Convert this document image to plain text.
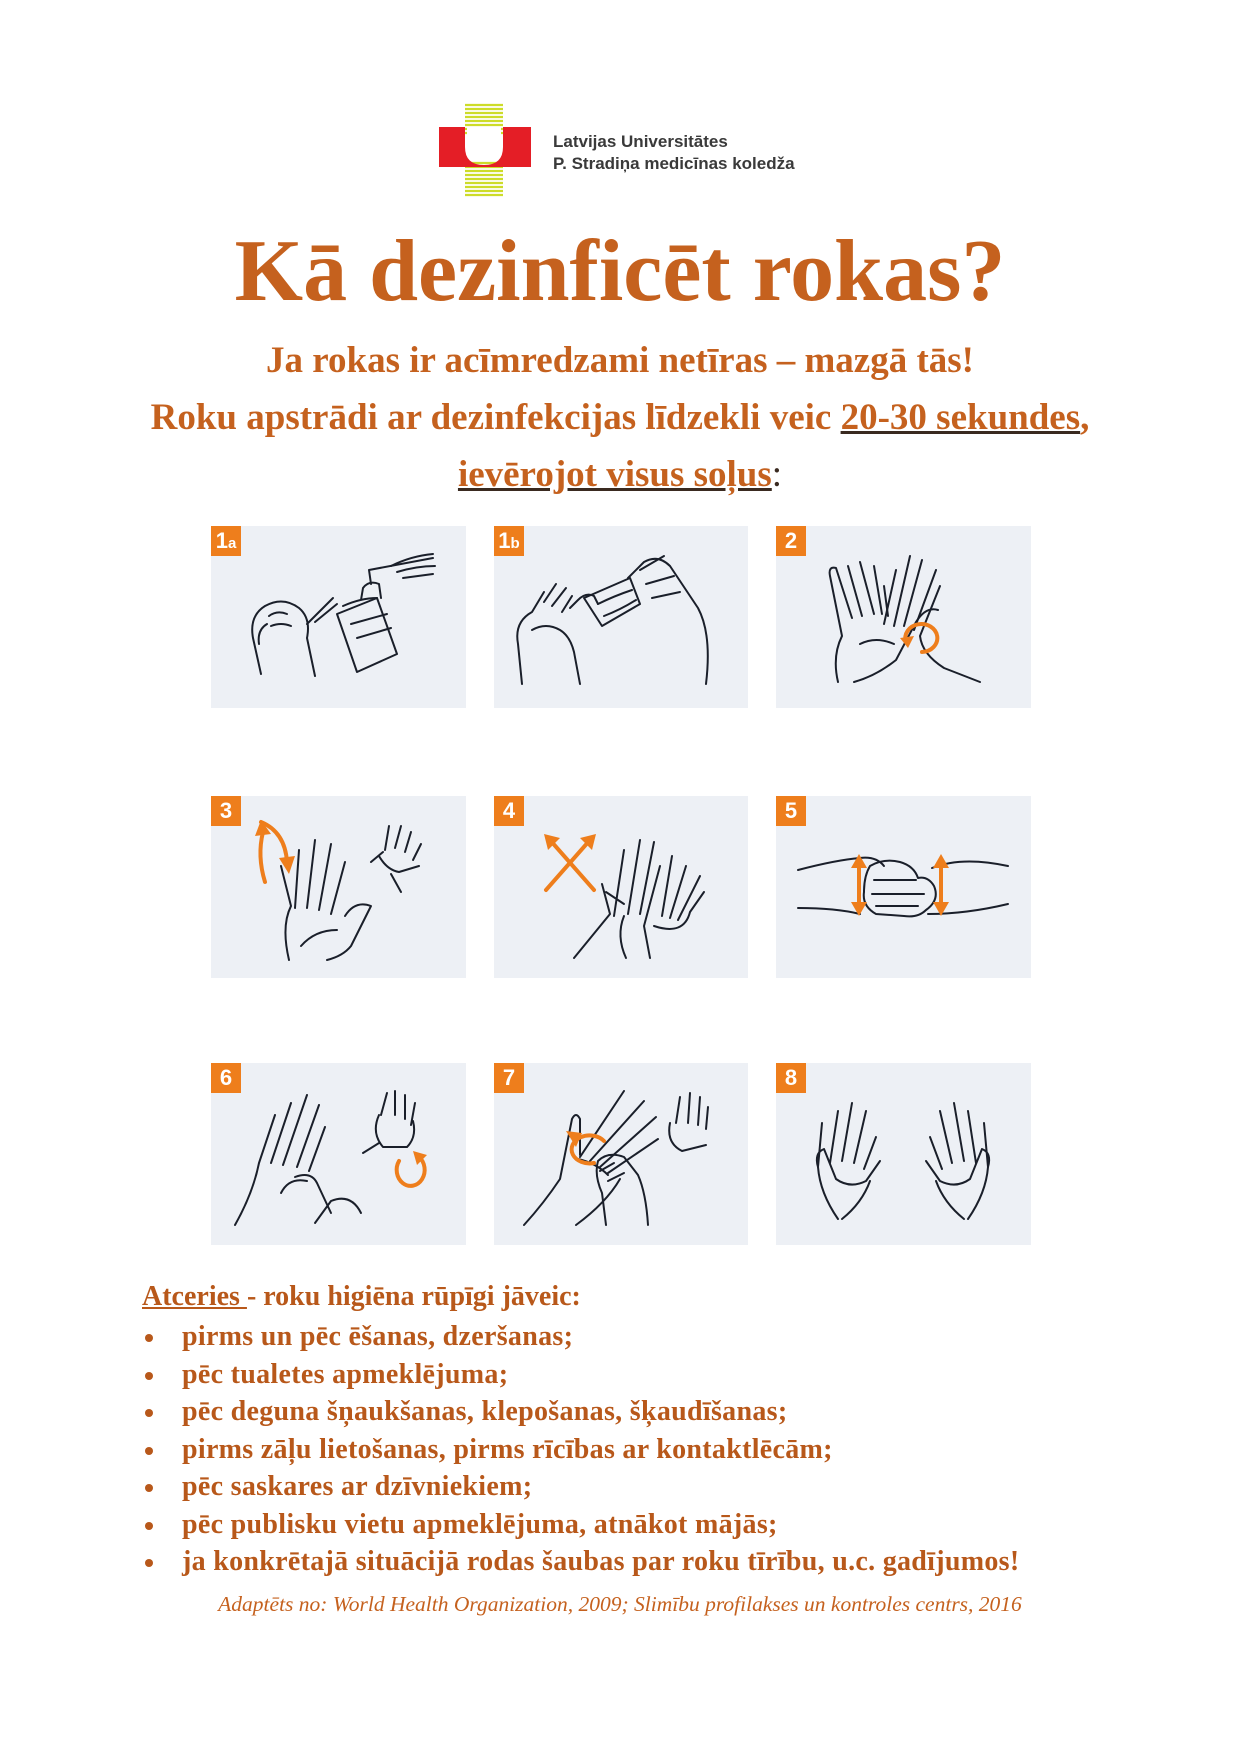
Latvijas Universitātes
P. Stradiņa medicīnas koledža
Kā dezinficēt rokas?
Ja rokas ir acīmredzami netīras – mazgā tās!
Roku apstrādi ar dezinfekcijas līdzekli veic 20-30 sekundes,
ievērojot visus soļus:
1a	1b	2
3	4	5
6	7	8
Atceries - roku higiēna rūpīgi jāveic:
pirms un pēc ēšanas, dzeršanas;
pēc tualetes apmeklējuma;
pēc deguna šņaukšanas, klepošanas, šķaudīšanas;
pirms zāļu lietošanas, pirms rīcības ar kontaktlēcām;
pēc saskares ar dzīvniekiem;
pēc publisku vietu apmeklējuma, atnākot mājās;
ja konkrētajā situācijā rodas šaubas par roku tīrību, u.c. gadījumos!
Adaptēts no: World Health Organization, 2009; Slimību profilakses un kontroles centrs, 2016
